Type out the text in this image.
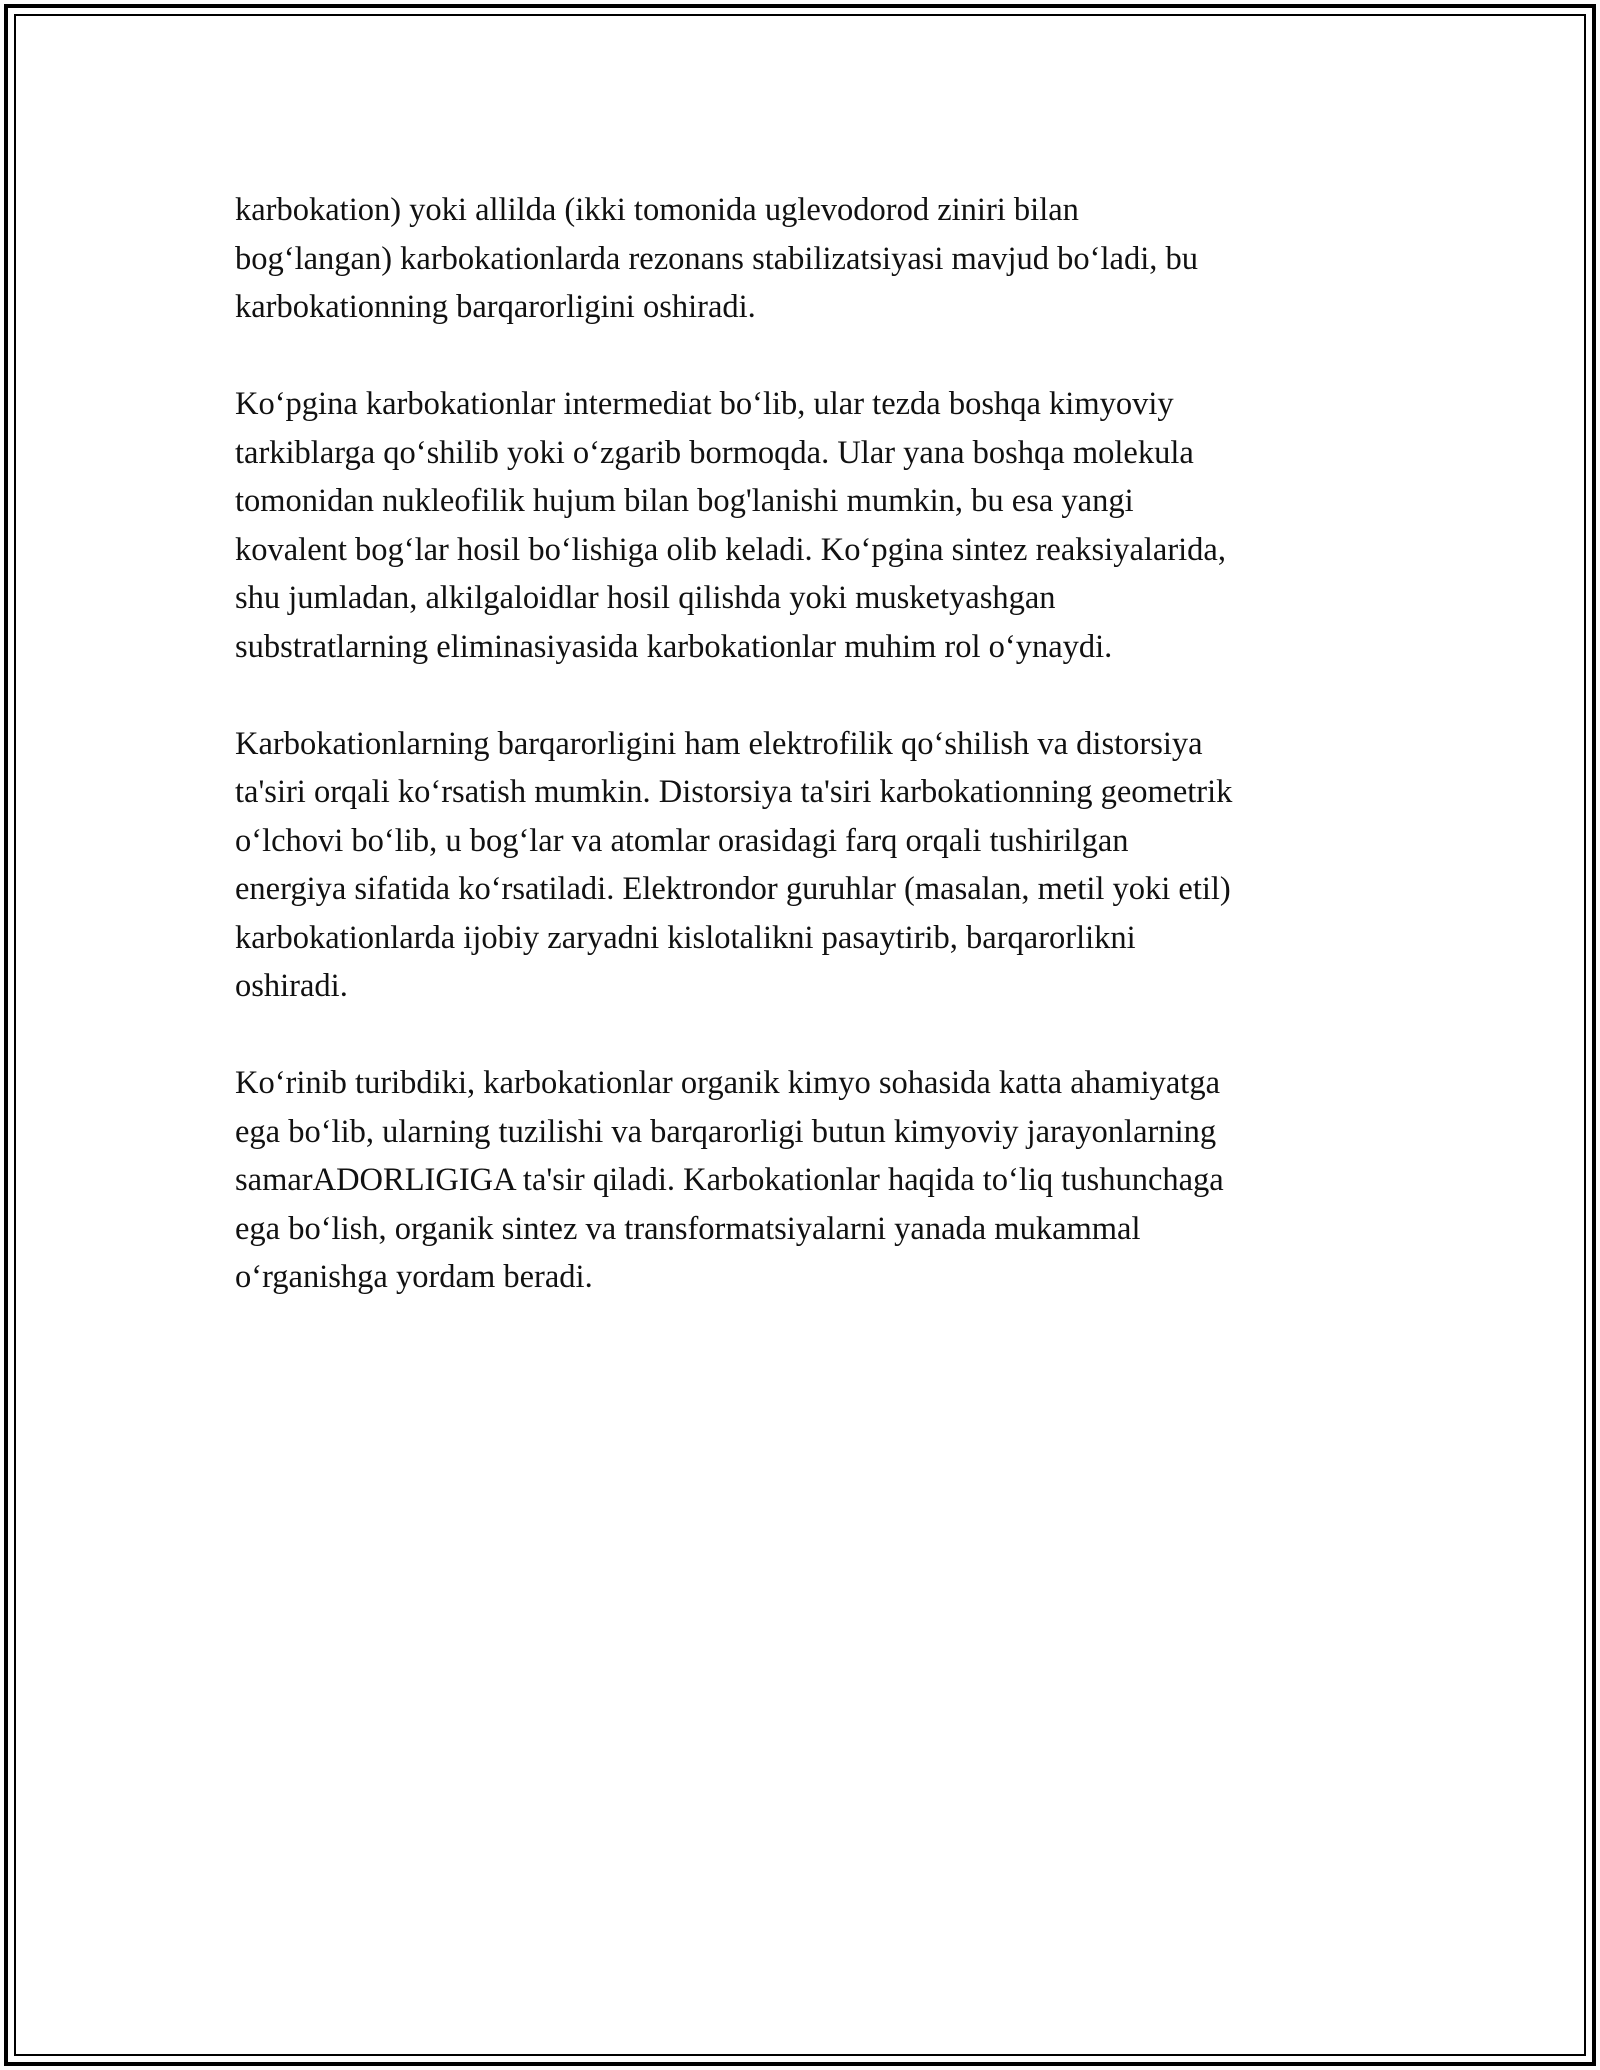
karbokation) yoki allilda (ikki tomonida uglevodorod ziniri bilan
bog‘langan) karbokationlarda rezonans stabilizatsiyasi mavjud bo‘ladi, bu
karbokationning barqarorligini oshiradi.

Ko‘pgina karbokationlar intermediat bo‘lib, ular tezda boshqa kimyoviy
tarkiblarga qo‘shilib yoki o‘zgarib bormoqda. Ular yana boshqa molekula
tomonidan nukleofilik hujum bilan bog'lanishi mumkin, bu esa yangi
kovalent bog‘lar hosil bo‘lishiga olib keladi. Ko‘pgina sintez reaksiyalarida,
shu jumladan, alkilgaloidlar hosil qilishda yoki musketyashgan
substratlarning eliminasiyasida karbokationlar muhim rol o‘ynaydi.

Karbokationlarning barqarorligini ham elektrofilik qo‘shilish va distorsiya
ta'siri orqali ko‘rsatish mumkin. Distorsiya ta'siri karbokationning geometrik
o‘lchovi bo‘lib, u bog‘lar va atomlar orasidagi farq orqali tushirilgan
energiya sifatida ko‘rsatiladi. Elektrondor guruhlar (masalan, metil yoki etil)
karbokationlarda ijobiy zaryadni kislotalikni pasaytirib, barqarorlikni
oshiradi.

Ko‘rinib turibdiki, karbokationlar organik kimyo sohasida katta ahamiyatga
ega bo‘lib, ularning tuzilishi va barqarorligi butun kimyoviy jarayonlarning
samarADORLIGIGA ta'sir qiladi. Karbokationlar haqida to‘liq tushunchaga
ega bo‘lish, organik sintez va transformatsiyalarni yanada mukammal
o‘rganishga yordam beradi.
